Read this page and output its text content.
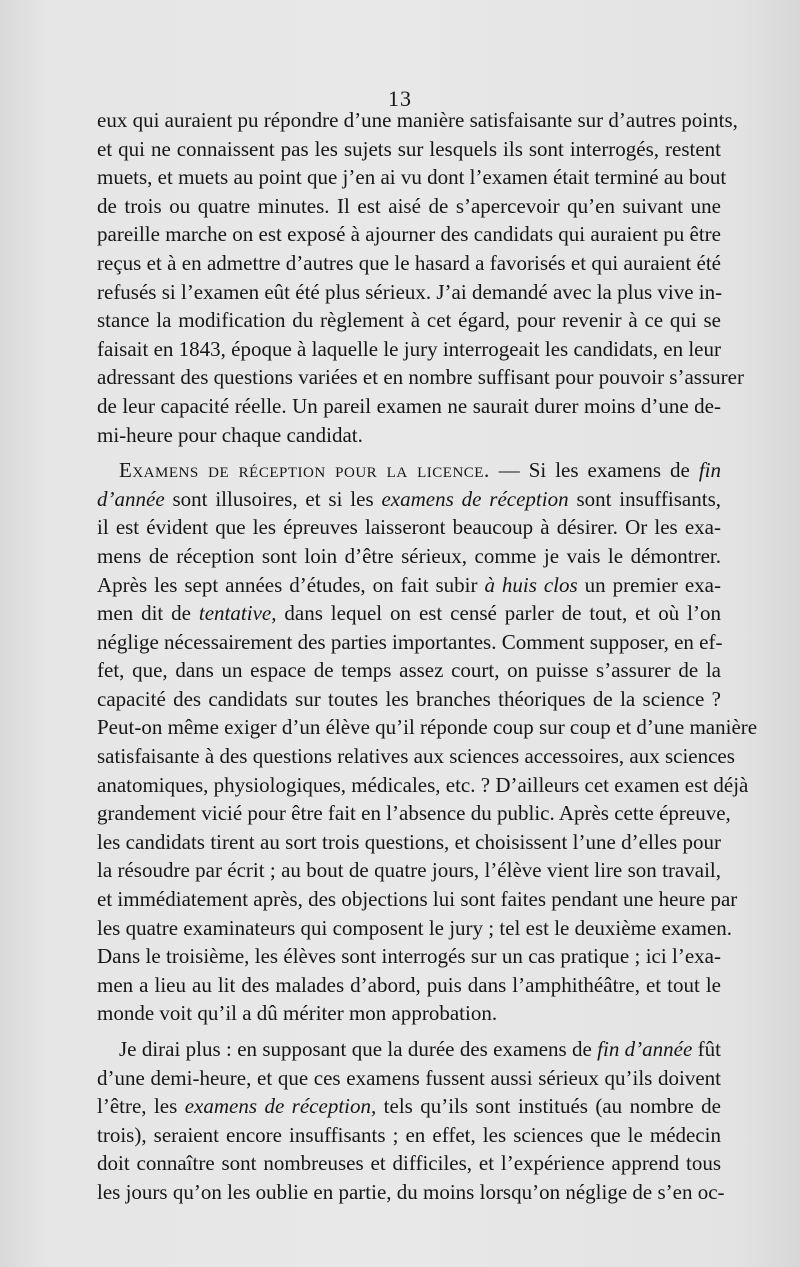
13
eux qui auraient pu répondre d’une manière satisfaisante sur d’autres points,
et qui ne connaissent pas les sujets sur lesquels ils sont interrogés, restent
muets, et muets au point que j’en ai vu dont l’examen était terminé au bout
de trois ou quatre minutes. Il est aisé de s’apercevoir qu’en suivant une
pareille marche on est exposé à ajourner des candidats qui auraient pu être
reçus et à en admettre d’autres que le hasard a favorisés et qui auraient été
refusés si l’examen eût été plus sérieux. J’ai demandé avec la plus vive in-
stance la modification du règlement à cet égard, pour revenir à ce qui se
faisait en 1843, époque à laquelle le jury interrogeait les candidats, en leur
adressant des questions variées et en nombre suffisant pour pouvoir s’assurer
de leur capacité réelle. Un pareil examen ne saurait durer moins d’une de-
mi-heure pour chaque candidat.
Examens de réception pour la licence. — Si les examens de fin
d’année sont illusoires, et si les examens de réception sont insuffisants,
il est évident que les épreuves laisseront beaucoup à désirer. Or les exa-
mens de réception sont loin d’être sérieux, comme je vais le démontrer.
Après les sept années d’études, on fait subir à huis clos un premier exa-
men dit de tentative, dans lequel on est censé parler de tout, et où l’on
néglige nécessairement des parties importantes. Comment supposer, en ef-
fet, que, dans un espace de temps assez court, on puisse s’assurer de la
capacité des candidats sur toutes les branches théoriques de la science ?
Peut-on même exiger d’un élève qu’il réponde coup sur coup et d’une manière
satisfaisante à des questions relatives aux sciences accessoires, aux sciences
anatomiques, physiologiques, médicales, etc. ? D’ailleurs cet examen est déjà
grandement vicié pour être fait en l’absence du public. Après cette épreuve,
les candidats tirent au sort trois questions, et choisissent l’une d’elles pour
la résoudre par écrit ; au bout de quatre jours, l’élève vient lire son travail,
et immédiatement après, des objections lui sont faites pendant une heure par
les quatre examinateurs qui composent le jury ; tel est le deuxième examen.
Dans le troisième, les élèves sont interrogés sur un cas pratique ; ici l’exa-
men a lieu au lit des malades d’abord, puis dans l’amphithéâtre, et tout le
monde voit qu’il a dû mériter mon approbation.
Je dirai plus : en supposant que la durée des examens de fin d’année fût
d’une demi-heure, et que ces examens fussent aussi sérieux qu’ils doivent
l’être, les examens de réception, tels qu’ils sont institués (au nombre de
trois), seraient encore insuffisants ; en effet, les sciences que le médecin
doit connaître sont nombreuses et difficiles, et l’expérience apprend tous
les jours qu’on les oublie en partie, du moins lorsqu’on néglige de s’en oc-
